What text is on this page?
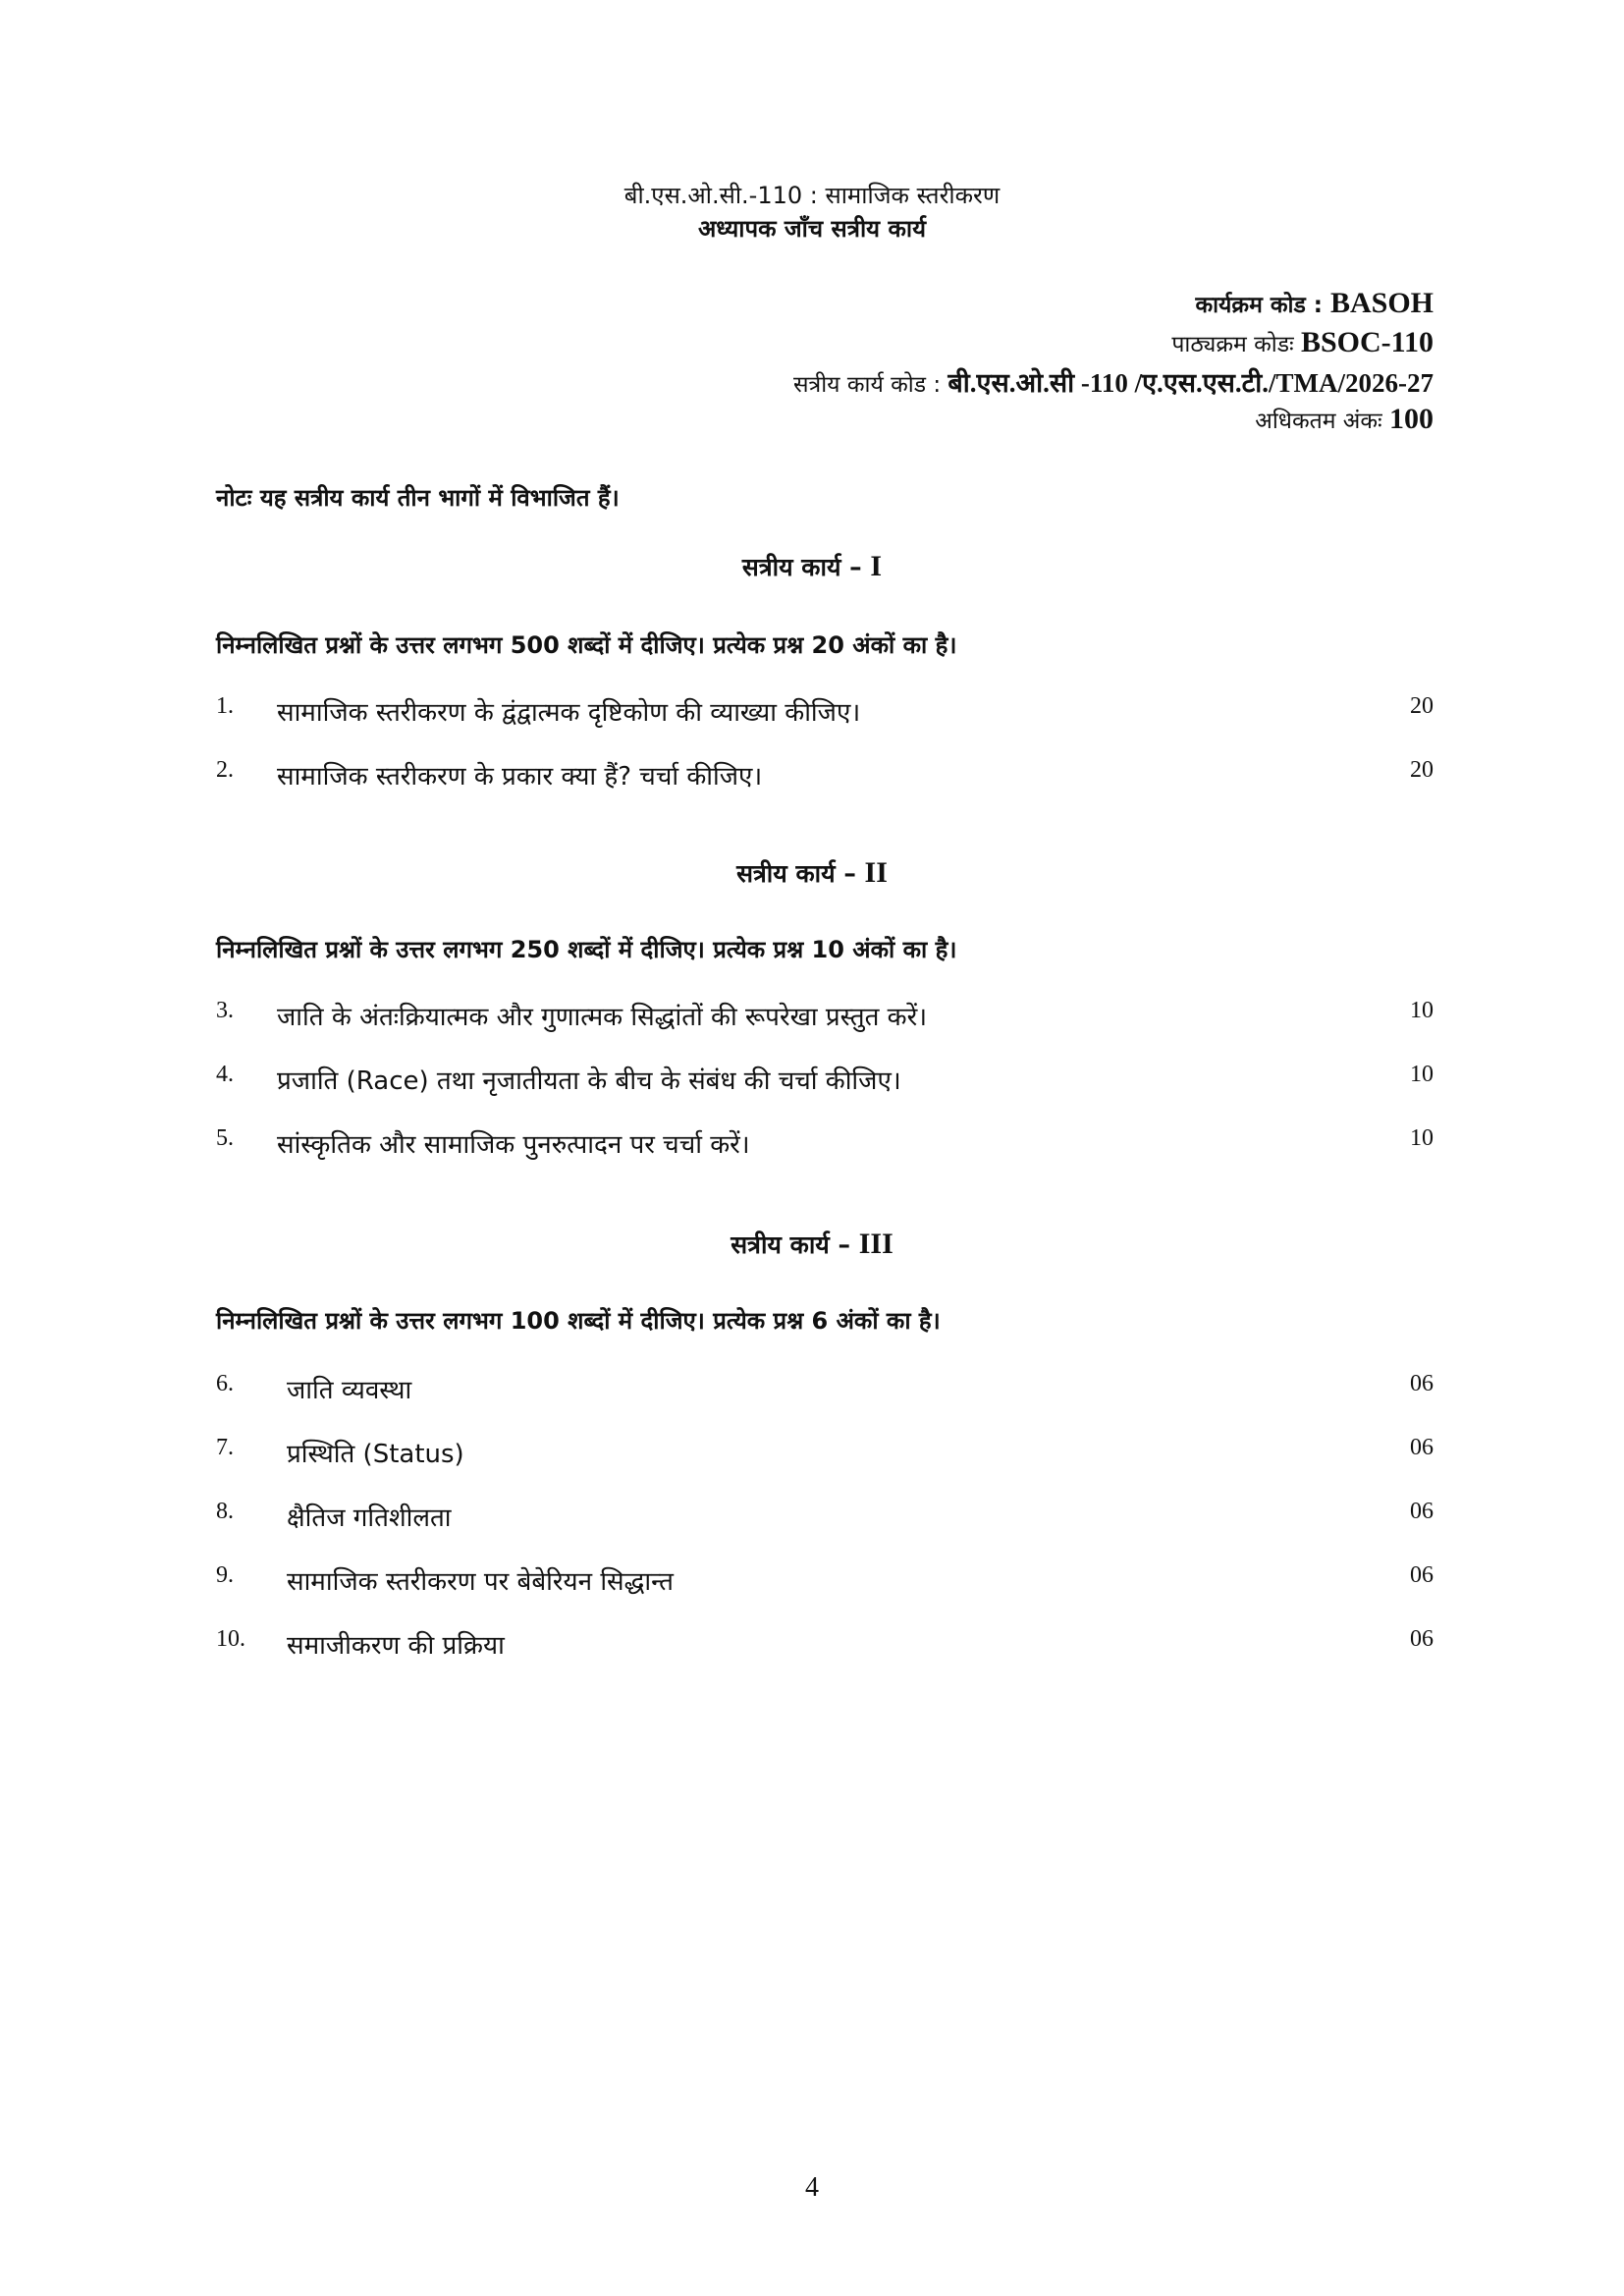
बी.एस.ओ.सी.-110 : सामाजिक स्तरीकरण
अध्यापक जाँच सत्रीय कार्य
कार्यक्रम कोड : BASOH
पाठ्यक्रम कोडः BSOC-110
सत्रीय कार्य कोड : बी.एस.ओ.सी -110 /ए.एस.एस.टी./TMA/2026-27
अधिकतम अंकः 100
नोटः यह सत्रीय कार्य तीन भागों में विभाजित हैं।
सत्रीय कार्य – I
निम्नलिखित प्रश्नों के उत्तर लगभग 500 शब्दों में दीजिए। प्रत्येक प्रश्न 20 अंकों का है।
1.	सामाजिक स्तरीकरण के द्वंद्वात्मक दृष्टिकोण की व्याख्या कीजिए।	20
2.	सामाजिक स्तरीकरण के प्रकार क्या हैं? चर्चा कीजिए।	20
सत्रीय कार्य – II
निम्नलिखित प्रश्नों के उत्तर लगभग 250 शब्दों में दीजिए। प्रत्येक प्रश्न 10 अंकों का है।
3.	जाति के अंतःक्रियात्मक और गुणात्मक सिद्धांतों की रूपरेखा प्रस्तुत करें।	10
4.	प्रजाति (Race) तथा नृजातीयता के बीच के संबंध की चर्चा कीजिए।	10
5.	सांस्कृतिक और सामाजिक पुनरुत्पादन पर चर्चा करें।	10
सत्रीय कार्य – III
निम्नलिखित प्रश्नों के उत्तर लगभग 100 शब्दों में दीजिए। प्रत्येक प्रश्न 6 अंकों का है।
6.	जाति व्यवस्था	06
7.	प्रस्थिति (Status)	06
8.	क्षैतिज गतिशीलता	06
9.	सामाजिक स्तरीकरण पर बेबेरियन सिद्धान्त	06
10.	समाजीकरण की प्रक्रिया	06
4
